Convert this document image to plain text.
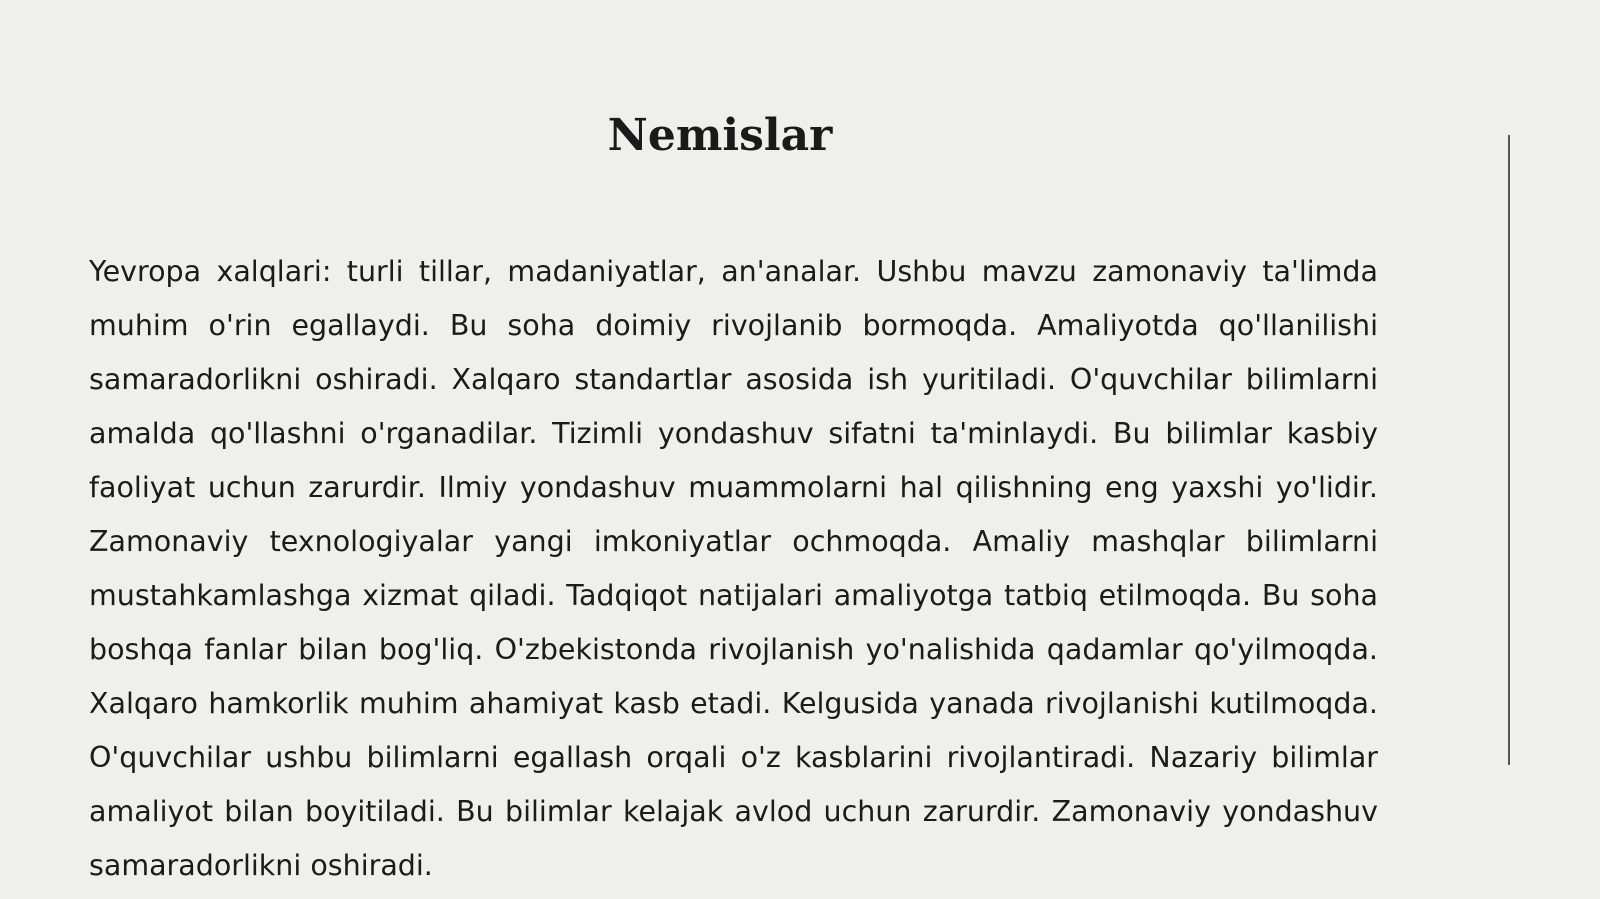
Nemislar

Yevropa xalqlari: turli tillar, madaniyatlar, an'analar. Ushbu mavzu zamonaviy ta'limda muhim o'rin egallaydi. Bu soha doimiy rivojlanib bormoqda. Amaliyotda qo'llanilishi samaradorlikni oshiradi. Xalqaro standartlar asosida ish yuritiladi. O'quvchilar bilimlarni amalda qo'llashni o'rganadilar. Tizimli yondashuv sifatni ta'minlaydi. Bu bilimlar kasbiy faoliyat uchun zarurdir. Ilmiy yondashuv muammolarni hal qilishning eng yaxshi yo'lidir. Zamonaviy texnologiyalar yangi imkoniyatlar ochmoqda. Amaliy mashqlar bilimlarni mustahkamlashga xizmat qiladi. Tadqiqot natijalari amaliyotga tatbiq etilmoqda. Bu soha boshqa fanlar bilan bog'liq. O'zbekistonda rivojlanish yo'nalishida qadamlar qo'yilmoqda. Xalqaro hamkorlik muhim ahamiyat kasb etadi. Kelgusida yanada rivojlanishi kutilmoqda. O'quvchilar ushbu bilimlarni egallash orqali o'z kasblarini rivojlantiradi. Nazariy bilimlar amaliyot bilan boyitiladi. Bu bilimlar kelajak avlod uchun zarurdir. Zamonaviy yondashuv samaradorlikni oshiradi.
